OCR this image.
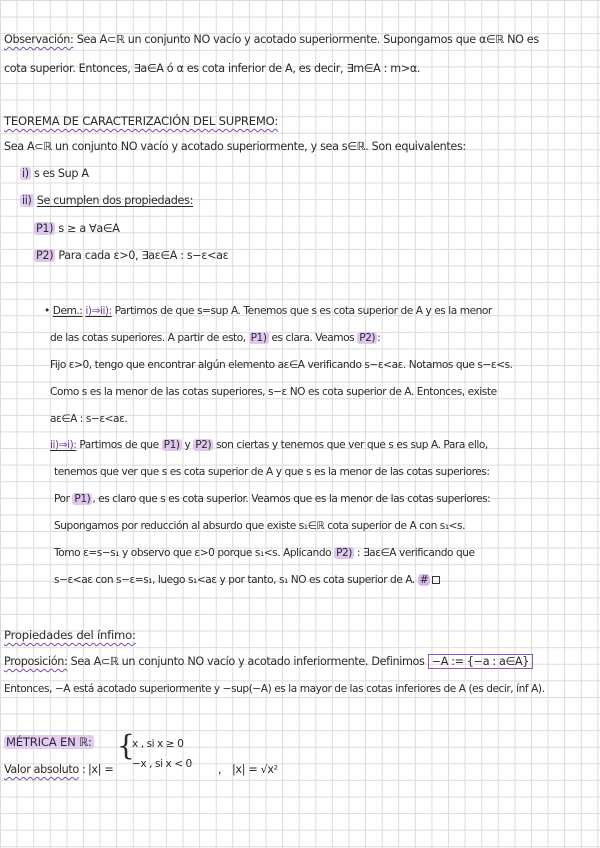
Observación: Sea A⊂ℝ un conjunto NO vacío y acotado superiormente. Supongamos que α∈ℝ NO es
cota superior. Entonces, ∃a∈A ó α es cota inferior de A, es decir, ∃m∈A : m>α.
TEOREMA DE CARACTERIZACIÓN DEL SUPREMO:
Sea A⊂ℝ un conjunto NO vacío y acotado superiormente, y sea s∈ℝ. Son equivalentes:
i) s es Sup A
ii) Se cumplen dos propiedades:
P1) s ≥ a ∀a∈A
P2) Para cada ε>0, ∃aε∈A : s−ε<aε
• Dem.: i)⇒ii): Partimos de que s=sup A. Tenemos que s es cota superior de A y es la menor
de las cotas superiores. A partir de esto, P1) es clara. Veamos P2) :
Fijo ε>0, tengo que encontrar algún elemento aε∈A verificando s−ε<aε. Notamos que s−ε<s.
Como s es la menor de las cotas superiores, s−ε NO es cota superior de A. Entonces, existe
aε∈A : s−ε<aε.
ii)⇒i): Partimos de que P1) y P2) son ciertas y tenemos que ver que s es sup A. Para ello,
tenemos que ver que s es cota superior de A y que s es la menor de las cotas superiores:
Por P1) , es claro que s es cota superior. Veamos que es la menor de las cotas superiores:
Supongamos por reducción al absurdo que existe s₁∈ℝ cota superior de A con s₁<s.
Tomo ε=s−s₁ y observo que ε>0 porque s₁<s. Aplicando P2) : ∃aε∈A verificando que
s−ε<aε con s−ε=s₁, luego s₁<aε y por tanto, s₁ NO es cota superior de A. #
Propiedades del ínfimo:
Proposición: Sea A⊂ℝ un conjunto NO vacío y acotado inferiormente. Definimos −A := {−a : a∈A}
Entonces, −A está acotado superiormente y −sup(−A) es la mayor de las cotas inferiores de A (es decir, ínf A).
MÉTRICA EN ℝ:
Valor absoluto : |x| =
{
x , si x ≥ 0
−x , si x < 0 , |x| = √x²
